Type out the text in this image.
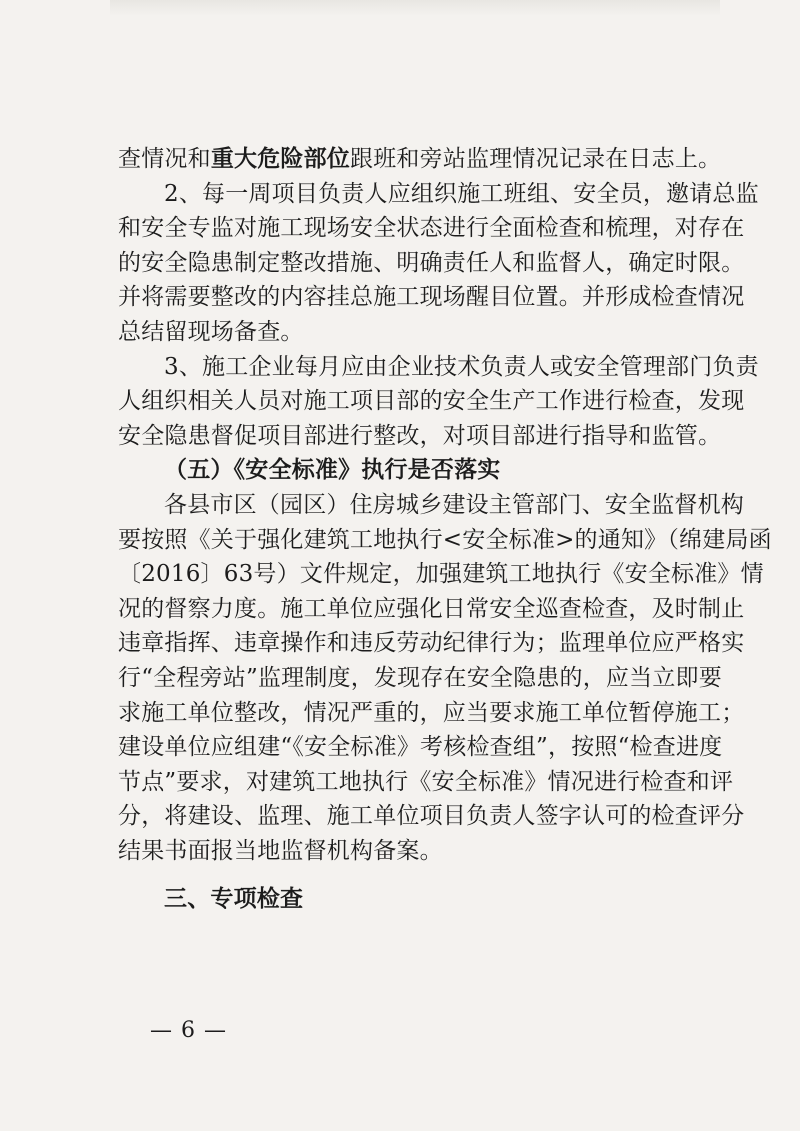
查情况和重大危险部位跟班和旁站监理情况记录在日志上。
2、每一周项目负责人应组织施工班组、安全员，邀请总监
和安全专监对施工现场安全状态进行全面检查和梳理，对存在
的安全隐患制定整改措施、明确责任人和监督人，确定时限。
并将需要整改的内容挂总施工现场醒目位置。并形成检查情况
总结留现场备查。
3、施工企业每月应由企业技术负责人或安全管理部门负责
人组织相关人员对施工项目部的安全生产工作进行检查，发现
安全隐患督促项目部进行整改，对项目部进行指导和监管。
（五）《安全标准》执行是否落实
各县市区（园区）住房城乡建设主管部门、安全监督机构
要按照《关于强化建筑工地执行<安全标准>的通知》（绵建局函
〔2016〕63号）文件规定，加强建筑工地执行《安全标准》情
况的督察力度。施工单位应强化日常安全巡查检查，及时制止
违章指挥、违章操作和违反劳动纪律行为；监理单位应严格实
行“全程旁站”监理制度，发现存在安全隐患的，应当立即要
求施工单位整改，情况严重的，应当要求施工单位暂停施工；
建设单位应组建“《安全标准》考核检查组”，按照“检查进度
节点”要求，对建筑工地执行《安全标准》情况进行检查和评
分，将建设、监理、施工单位项目负责人签字认可的检查评分
结果书面报当地监督机构备案。
三、专项检查
— 6 —
